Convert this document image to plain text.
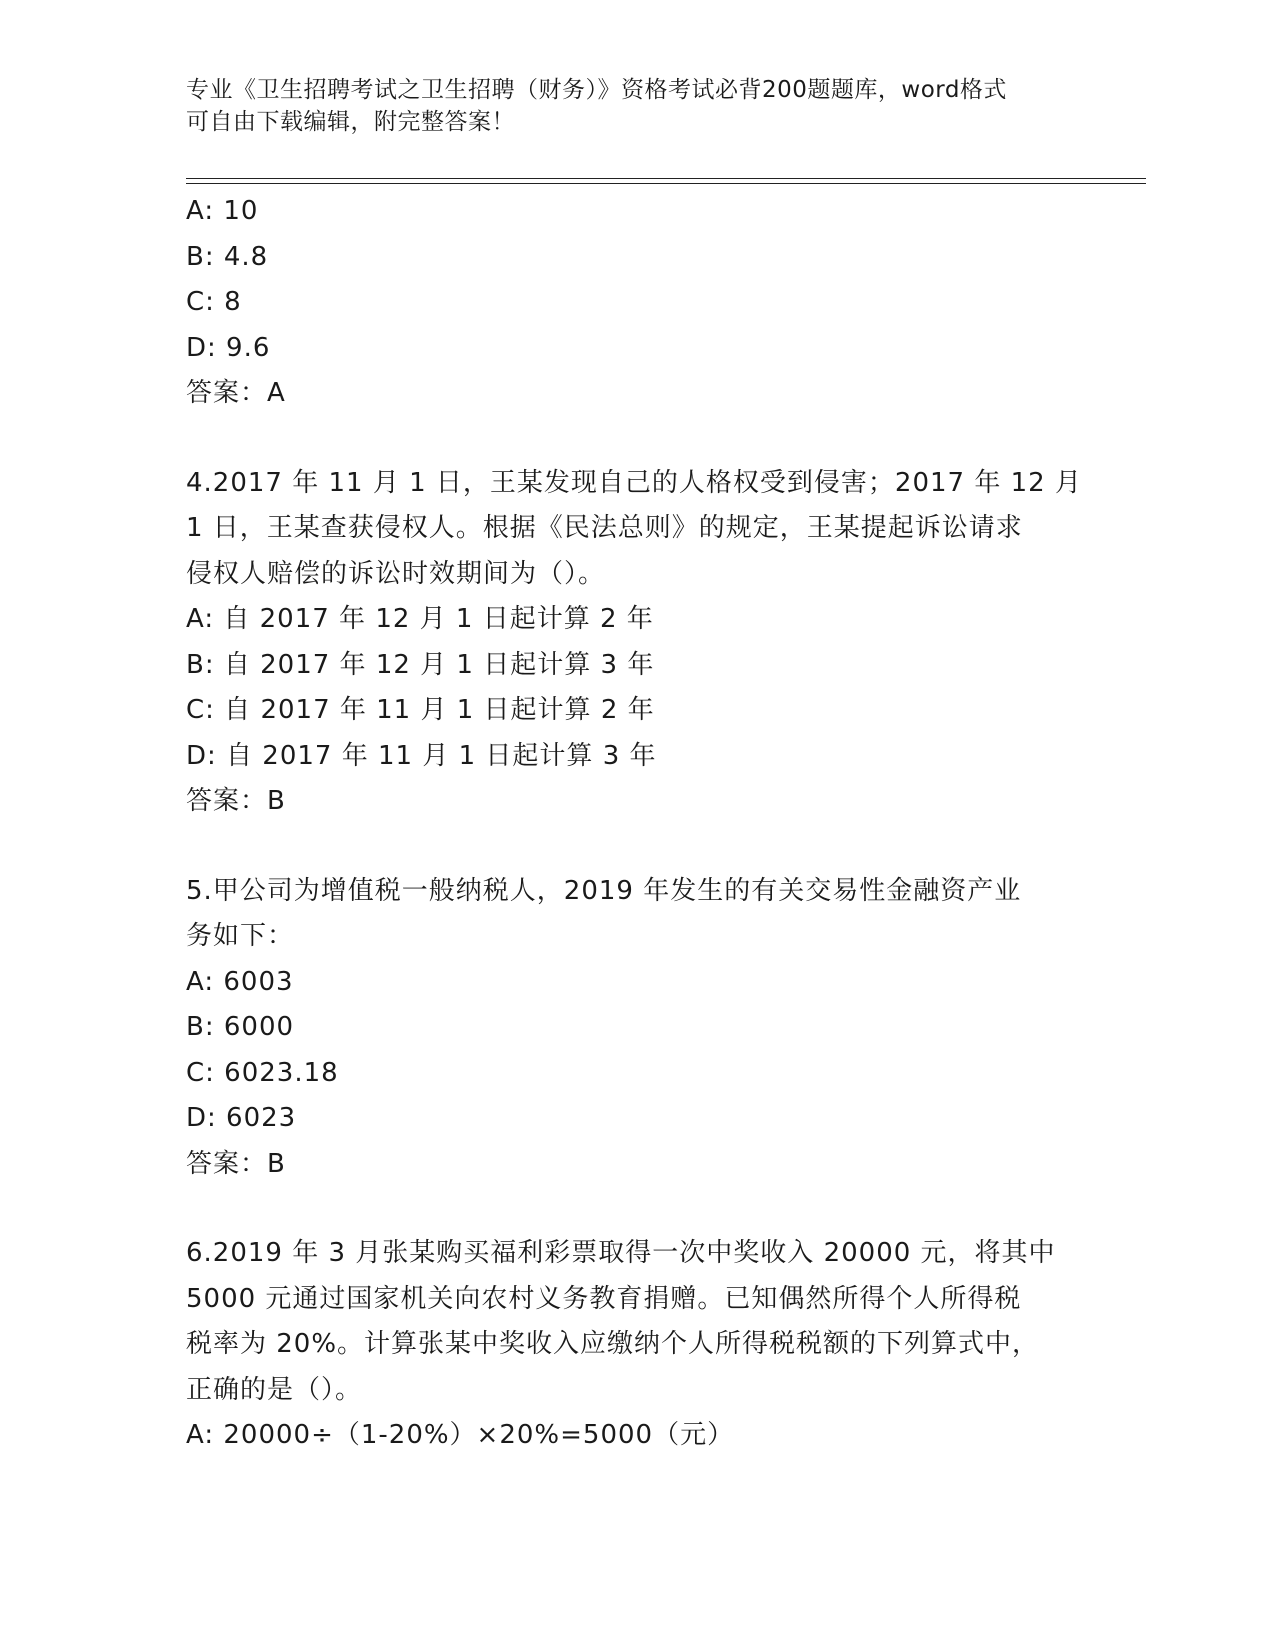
专业《卫生招聘考试之卫生招聘（财务）》资格考试必背200题题库，word格式
可自由下载编辑，附完整答案！
A: 10
B: 4.8
C: 8
D: 9.6
答案：A
4.2017 年 11 月 1 日，王某发现自己的人格权受到侵害；2017 年 12 月
1 日，王某查获侵权人。根据《民法总则》的规定，王某提起诉讼请求
侵权人赔偿的诉讼时效期间为（）。
A: 自 2017 年 12 月 1 日起计算 2 年
B: 自 2017 年 12 月 1 日起计算 3 年
C: 自 2017 年 11 月 1 日起计算 2 年
D: 自 2017 年 11 月 1 日起计算 3 年
答案：B
5.甲公司为增值税一般纳税人，2019 年发生的有关交易性金融资产业
务如下：
A: 6003
B: 6000
C: 6023.18
D: 6023
答案：B
6.2019 年 3 月张某购买福利彩票取得一次中奖收入 20000 元，将其中
5000 元通过国家机关向农村义务教育捐赠。已知偶然所得个人所得税
税率为 20%。计算张某中奖收入应缴纳个人所得税税额的下列算式中，
正确的是（）。
A: 20000÷（1-20%）×20%=5000（元）
